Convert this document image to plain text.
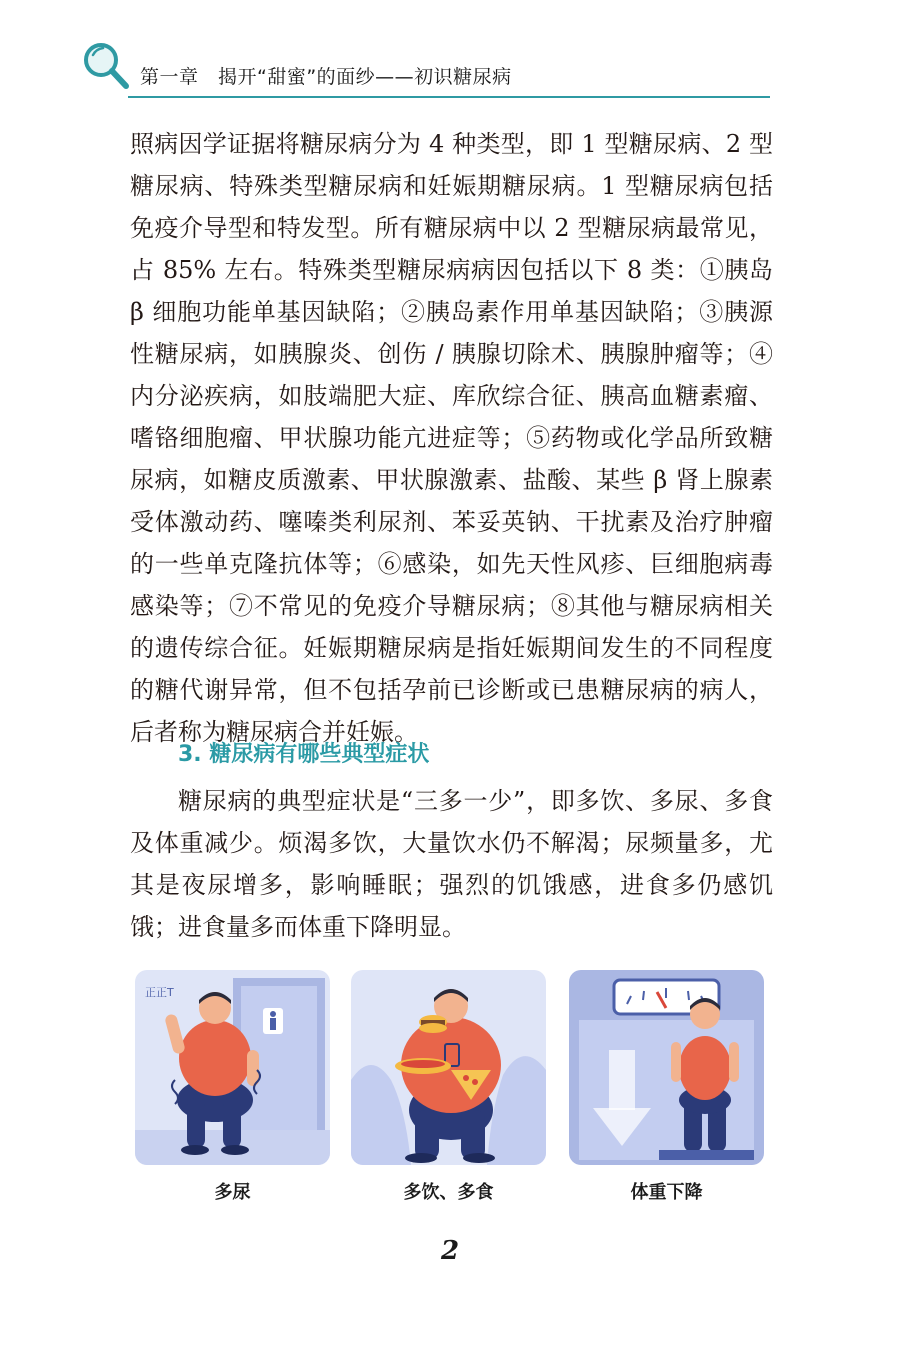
第一章　揭开“甜蜜”的面纱——初识糖尿病
照病因学证据将糖尿病分为 4 种类型，即 1 型糖尿病、2 型糖尿病、特殊类型糖尿病和妊娠期糖尿病。1 型糖尿病包括免疫介导型和特发型。所有糖尿病中以 2 型糖尿病最常见，占 85% 左右。特殊类型糖尿病病因包括以下 8 类：①胰岛 β 细胞功能单基因缺陷；②胰岛素作用单基因缺陷；③胰源性糖尿病，如胰腺炎、创伤 / 胰腺切除术、胰腺肿瘤等；④内分泌疾病，如肢端肥大症、库欣综合征、胰高血糖素瘤、嗜铬细胞瘤、甲状腺功能亢进症等；⑤药物或化学品所致糖尿病，如糖皮质激素、甲状腺激素、盐酸、某些 β 肾上腺素受体激动药、噻嗪类利尿剂、苯妥英钠、干扰素及治疗肿瘤的一些单克隆抗体等；⑥感染，如先天性风疹、巨细胞病毒感染等；⑦不常见的免疫介导糖尿病；⑧其他与糖尿病相关的遗传综合征。妊娠期糖尿病是指妊娠期间发生的不同程度的糖代谢异常，但不包括孕前已诊断或已患糖尿病的病人，后者称为糖尿病合并妊娠。
3. 糖尿病有哪些典型症状
糖尿病的典型症状是“三多一少”，即多饮、多尿、多食及体重减少。烦渴多饮，大量饮水仍不解渴；尿频量多，尤其是夜尿增多，影响睡眠；强烈的饥饿感，进食多仍感饥饿；进食量多而体重下降明显。
正正T
多尿	多饮、多食	体重下降
2
